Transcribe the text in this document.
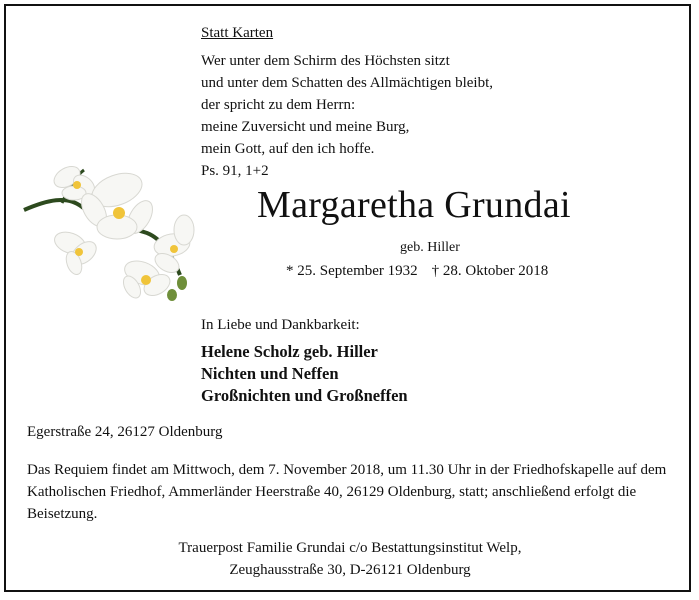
Statt Karten
Wer unter dem Schirm des Höchsten sitzt
und unter dem Schatten des Allmächtigen bleibt,
der spricht zu dem Herrn:
meine Zuversicht und meine Burg,
mein Gott, auf den ich hoffe.
Ps. 91, 1+2
Margaretha Grundai
geb. Hiller
* 25. September 1932 † 28. Oktober 2018
In Liebe und Dankbarkeit:
Helene Scholz geb. Hiller
Nichten und Neffen
Großnichten und Großneffen
Egerstraße 24, 26127 Oldenburg
Das Requiem findet am Mittwoch, dem 7. November 2018, um 11.30 Uhr in der Friedhofskapelle auf dem Katholischen Friedhof, Ammerländer Heerstraße 40, 26129 Oldenburg, statt; anschließend erfolgt die Beisetzung.
Trauerpost Familie Grundai c/o Bestattungsinstitut Welp,
Zeughausstraße 30, D-26121 Oldenburg
